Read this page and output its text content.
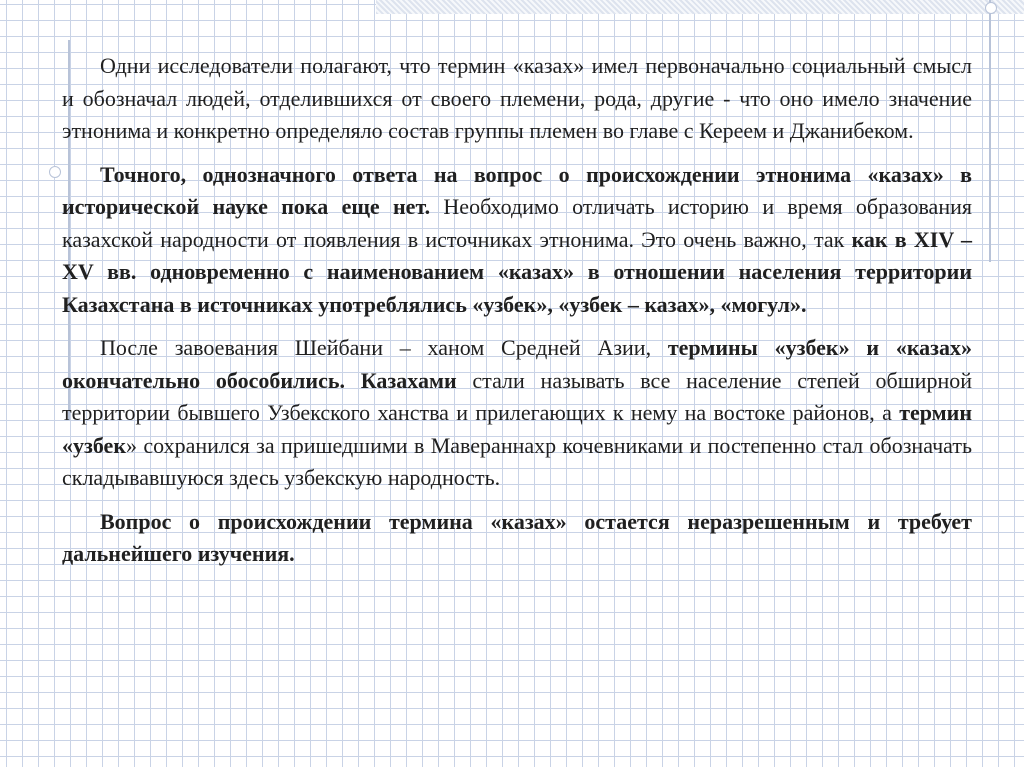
Одни исследователи полагают, что термин «казах» имел первоначально социальный смысл и обозначал людей, отделившихся от своего племени, рода, другие - что оно имело значение этнонима и конкретно определяло состав группы племен во главе с Кереем и Джанибеком.

Точного, однозначного ответа на вопрос о происхождении этнонима «казах» в исторической науке пока еще нет. Необходимо отличать историю и время образования казахской народности от появления в источниках этнонима. Это очень важно, так как в XIV – XV вв. одновременно с наименованием «казах» в отношении населения территории Казахстана в источниках употреблялись «узбек», «узбек – казах», «могул».

После завоевания Шейбани – ханом Средней Азии, термины «узбек» и «казах» окончательно обособились. Казахами стали называть все население степей обширной территории бывшего Узбекского ханства и прилегающих к нему на востоке районов, а термин «узбек» сохранился за пришедшими в Мавераннахр кочевниками и постепенно стал обозначать складывавшуюся здесь узбекскую народность.

Вопрос о происхождении термина «казах» остается неразрешенным и требует дальнейшего изучения.
